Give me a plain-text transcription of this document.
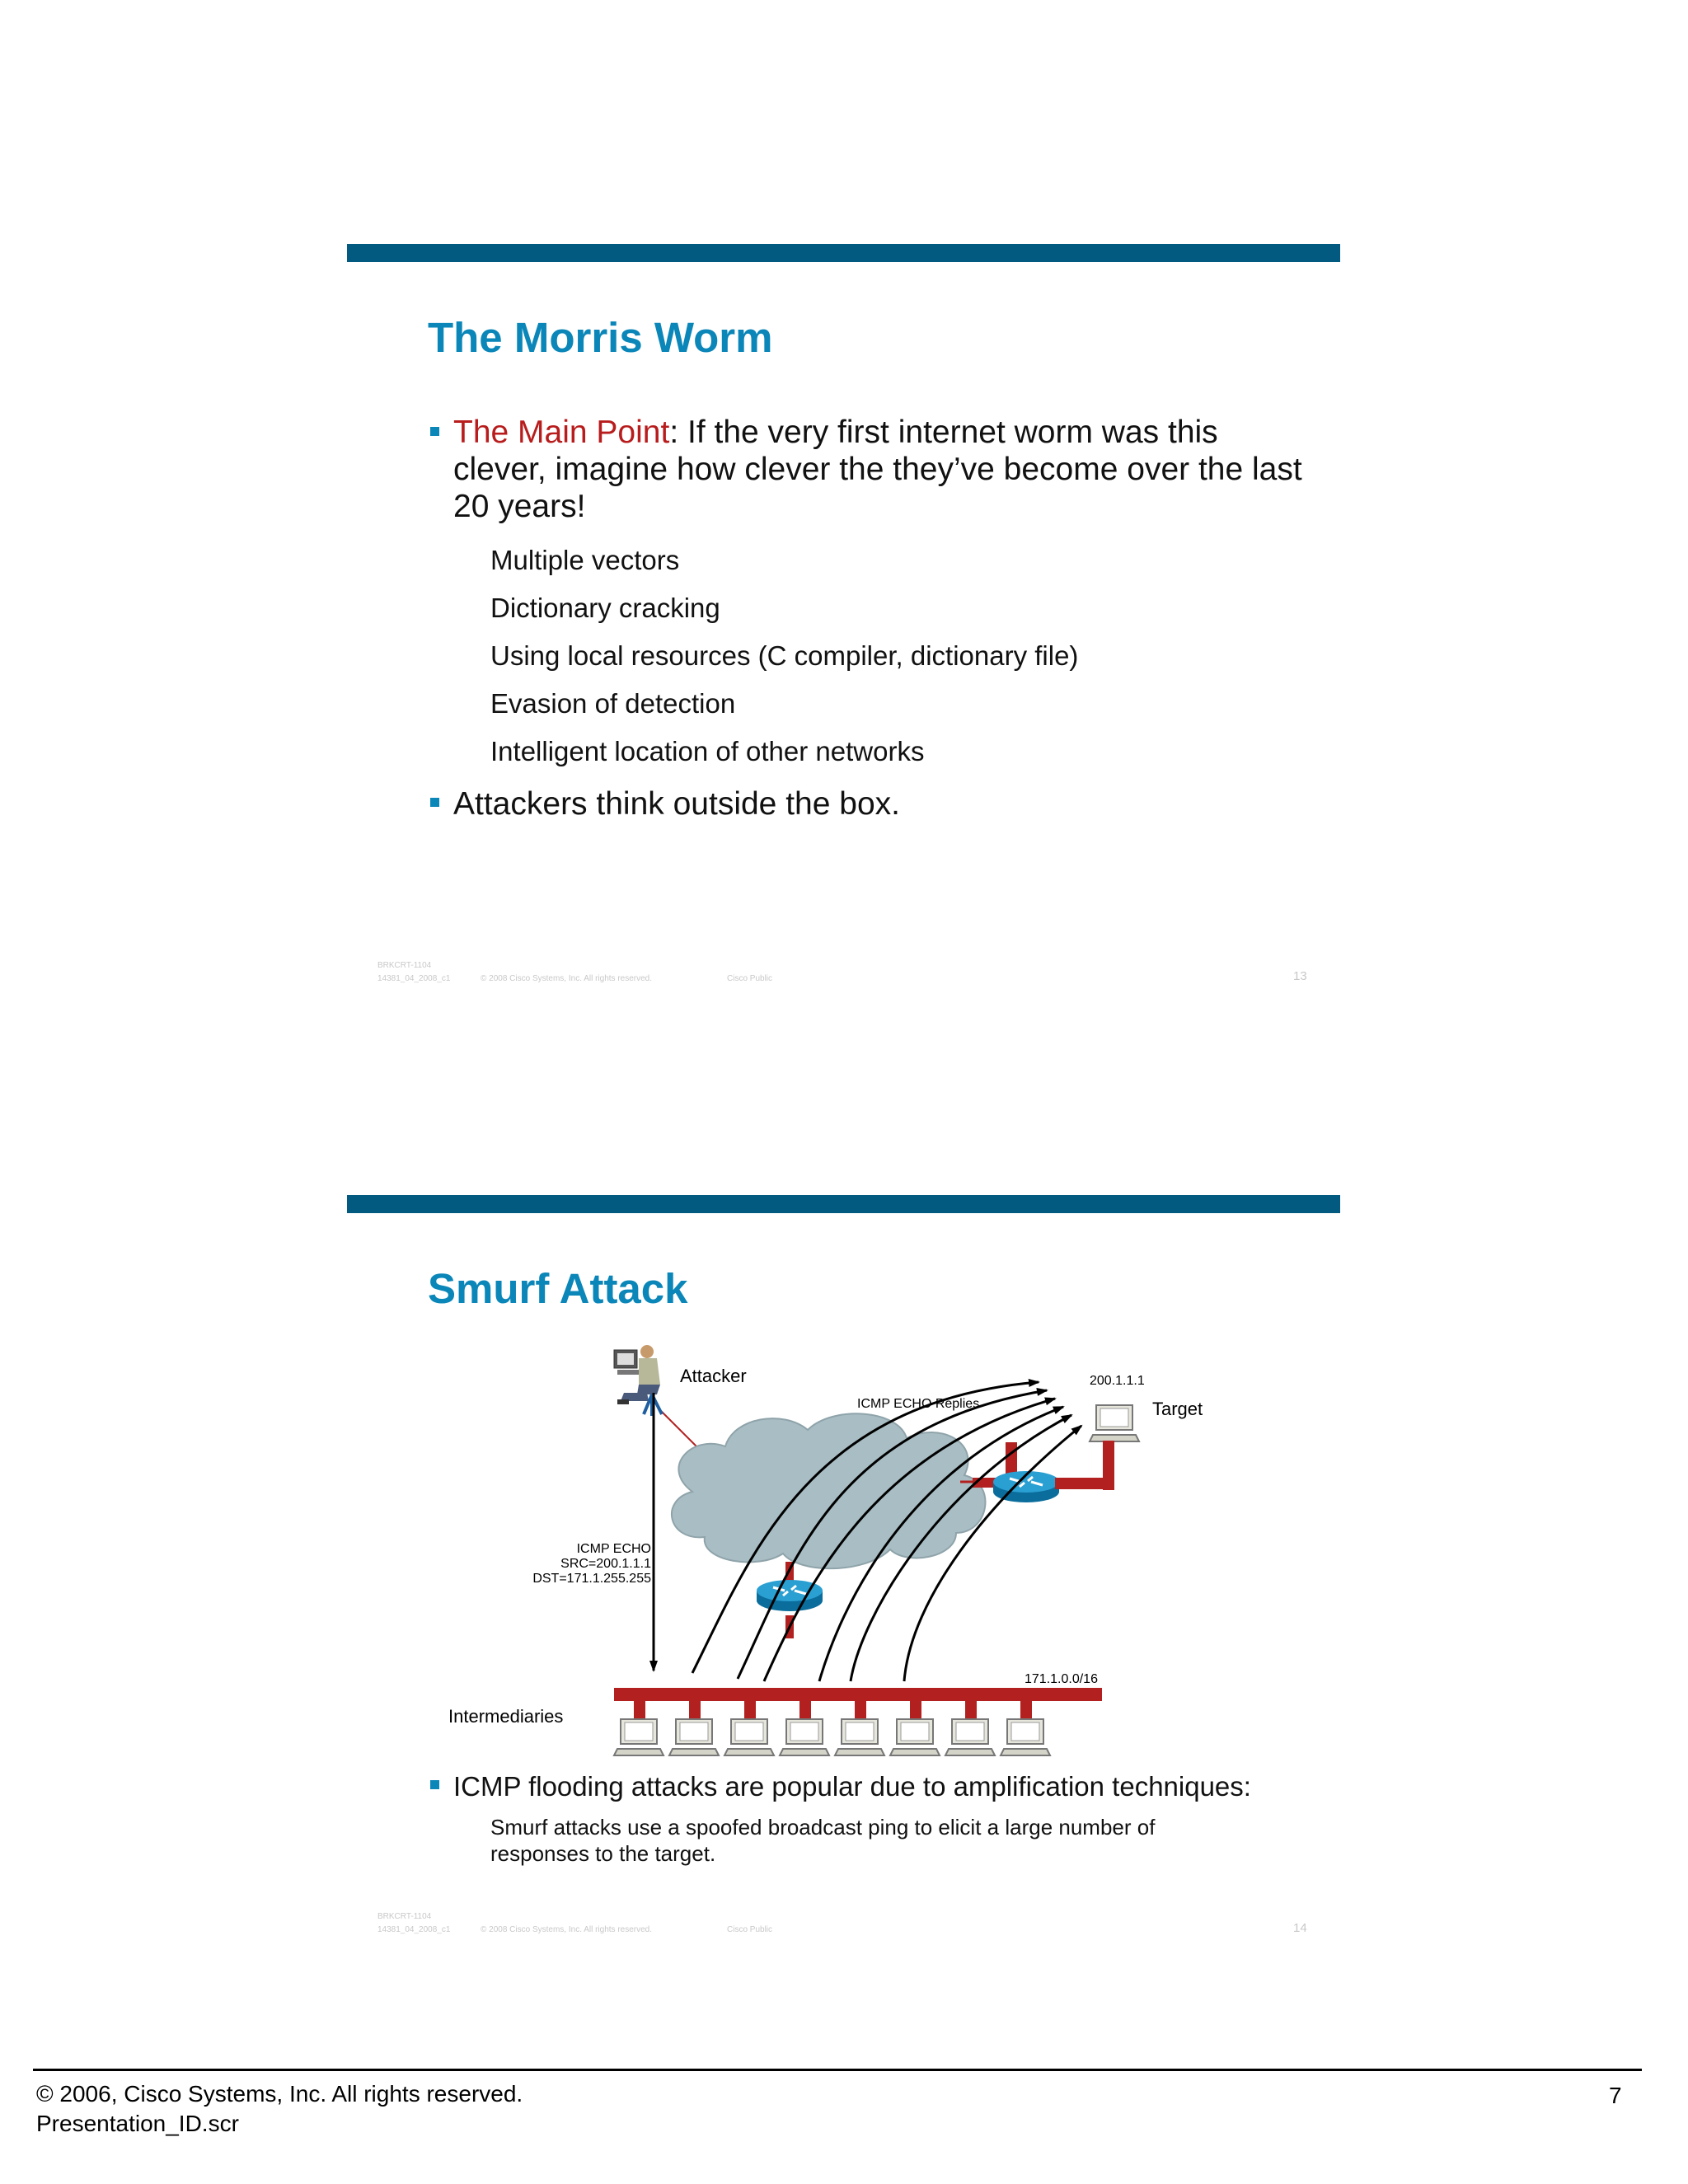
The Morris Worm
The Main Point: If the very first internet worm was this clever, imagine how clever the they’ve become over the last 20 years!
Multiple vectors
Dictionary cracking
Using local resources (C compiler, dictionary file)
Evasion of detection
Intelligent location of other networks
Attackers think outside the box.
BRKCRT-1104
14381_04_2008_c1	© 2008 Cisco Systems, Inc. All rights reserved.	Cisco Public	13
Smurf Attack
Attacker
ICMP ECHO Replies
200.1.1.1
Target
ICMP ECHO
SRC=200.1.1.1
DST=171.1.255.255
171.1.0.0/16
Intermediaries
ICMP flooding attacks are popular due to amplification techniques:
Smurf attacks use a spoofed broadcast ping to elicit a large number of
responses to the target.
BRKCRT-1104
14381_04_2008_c1	© 2008 Cisco Systems, Inc. All rights reserved.	Cisco Public	14
© 2006, Cisco Systems, Inc. All rights reserved.
Presentation_ID.scr
7
